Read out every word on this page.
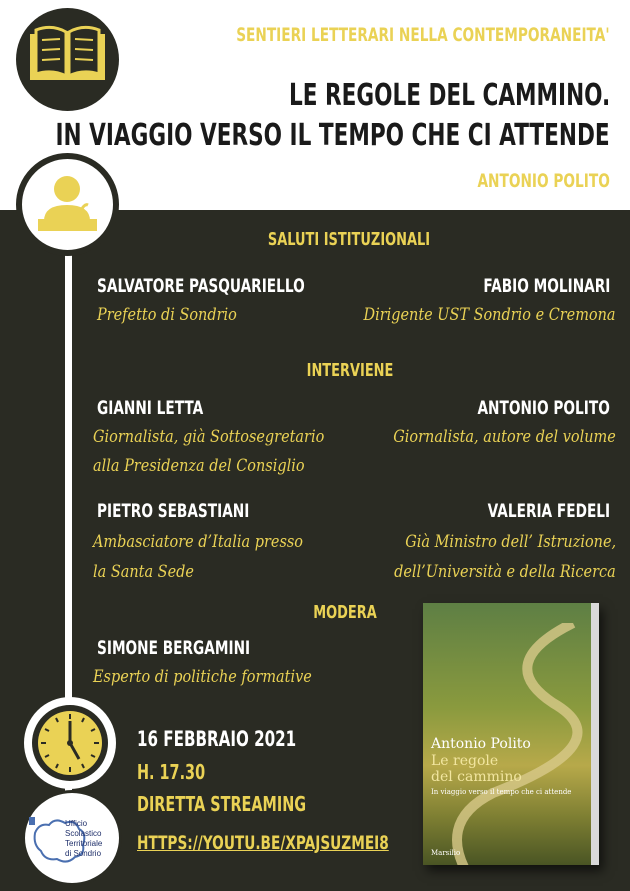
Ufficio
Scolastico
Territoriale
di Sondrio
SENTIERI LETTERARI NELLA CONTEMPORANEITA'
LE REGOLE DEL CAMMINO.
IN VIAGGIO VERSO IL TEMPO CHE CI ATTENDE
ANTONIO POLITO
SALUTI ISTITUZIONALI
SALVATORE PASQUARIELLO
Prefetto di Sondrio
FABIO MOLINARI
Dirigente UST Sondrio e Cremona
INTERVIENE
GIANNI LETTA
Giornalista, già Sottosegretario
alla Presidenza del Consiglio
ANTONIO POLITO
Giornalista, autore del volume
PIETRO SEBASTIANI
Ambasciatore d’Italia presso
la Santa Sede
VALERIA FEDELI
Già Ministro dell’ Istruzione,
dell’Università e della Ricerca
MODERA
SIMONE BERGAMINI
Esperto di politiche formative
16 FEBBRAIO 2021
H. 17.30
DIRETTA STREAMING
HTTPS://YOUTU.BE/XPAJSUZMEI8
Antonio Polito
Le regole
del cammino
In viaggio verso il tempo che ci attende
Marsilio
